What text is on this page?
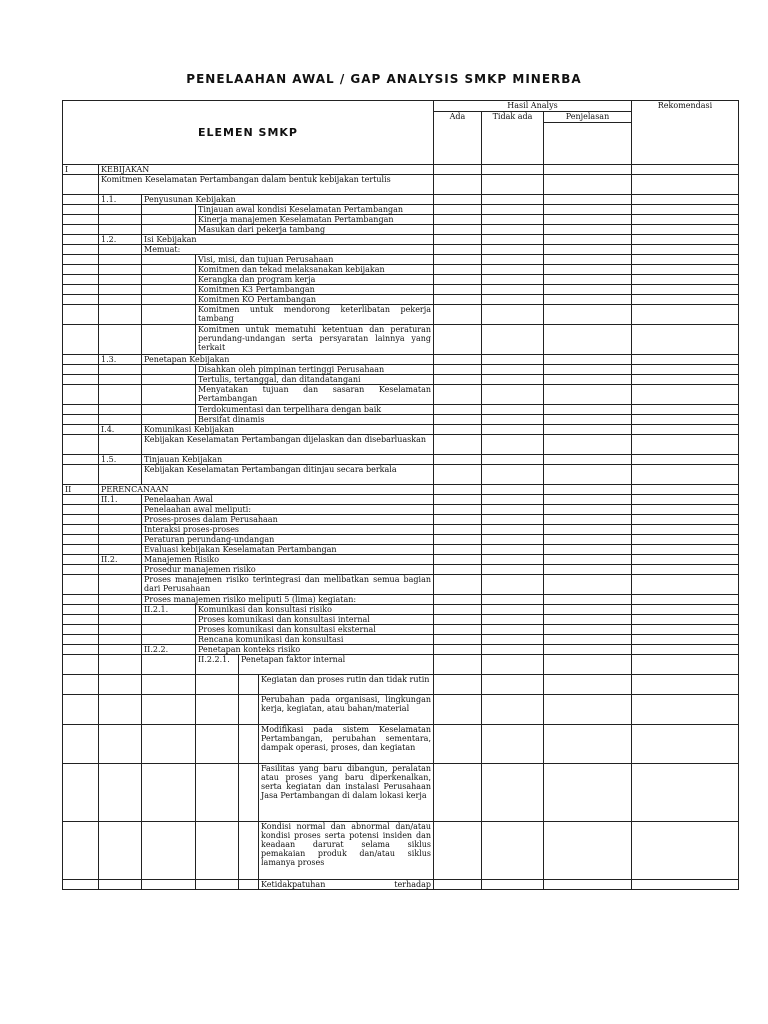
PENELAAHAN AWAL / GAP ANALYSIS SMKP MINERBA
ELEMEN SMKP						Hasil Analys			Rekomendasi
						Ada	Tidak ada	Penjelasan	

I	KEBIJAKAN								
	Komitmen Keselamatan Pertambangan dalam bentuk kebijakan tertulis								
	1.1.	Penyusunan Kebijakan							
			Tinjauan awal kondisi Keselamatan Pertambangan						
			Kinerja manajemen Keselamatan Pertambangan						
			Masukan dari pekerja tambang						
	1.2.	Isi Kebijakan							
		Memuat:							
			Visi, misi, dan tujuan Perusahaan						
			Komitmen dan tekad melaksanakan kebijakan						
			Kerangka dan program kerja						
			Komitmen K3 Pertambangan						
			Komitmen KO Pertambangan						
			Komitmen untuk mendorong keterlibatan pekerja tambang						
			Komitmen untuk mematuhi ketentuan dan peraturan perundang-undangan serta persyaratan lainnya yang terkait						
	1.3.	Penetapan Kebijakan							
			Disahkan oleh pimpinan tertinggi Perusahaan						
			Tertulis, tertanggal, dan ditandatangani						
			Menyatakan tujuan dan sasaran Keselamatan Pertambangan						
			Terdokumentasi dan terpelihara dengan baik						
			Bersifat dinamis						
	I.4.	Komunikasi Kebijakan							
		Kebijakan Keselamatan Pertambangan dijelaskan dan disebarluaskan							
	1.5.	Tinjauan Kebijakan							
		Kebijakan Keselamatan Pertambangan ditinjau secara berkala							
II	PERENCANAAN								
	II.1.	Penelaahan Awal							
		Penelaahan awal meliputi:							
		Proses-proses dalam Perusahaan							
		Interaksi proses-proses							
		Peraturan perundang-undangan							
		Evaluasi kebijakan Keselamatan Pertambangan							
	II.2.	Manajemen Risiko							
		Prosedur manajemen risiko							
		Proses manajemen risiko terintegrasi dan melibatkan semua bagian dari Perusahaan							
		Proses manajemen risiko meliputi 5 (lima) kegiatan:							
		II.2.1.	Komunikasi dan konsultasi risiko						
			Proses komunikasi dan konsultasi internal						
			Proses komunikasi dan konsultasi eksternal						
			Rencana komunikasi dan konsultasi						
		II.2.2.	Penetapan konteks risiko						
			II.2.2.1.	Penetapan faktor internal					
					Kegiatan dan proses rutin dan tidak rutin				
					Perubahan pada organisasi, lingkungan kerja, kegiatan, atau bahan/material				
					Modifikasi pada sistem Keselamatan Pertambangan, perubahan sementara, dampak operasi, proses, dan kegiatan				
					Fasilitas yang baru dibangun, peralatan atau proses yang baru diperkenalkan, serta kegiatan dan instalasi Perusahaan Jasa Pertambangan di dalam lokasi kerja				
					Kondisi normal dan abnormal dan/atau kondisi proses serta potensi insiden dan keadaan darurat selama siklus pemakaian produk dan/atau siklus lamanya proses				
					Ketidakpatuhan terhadap				
